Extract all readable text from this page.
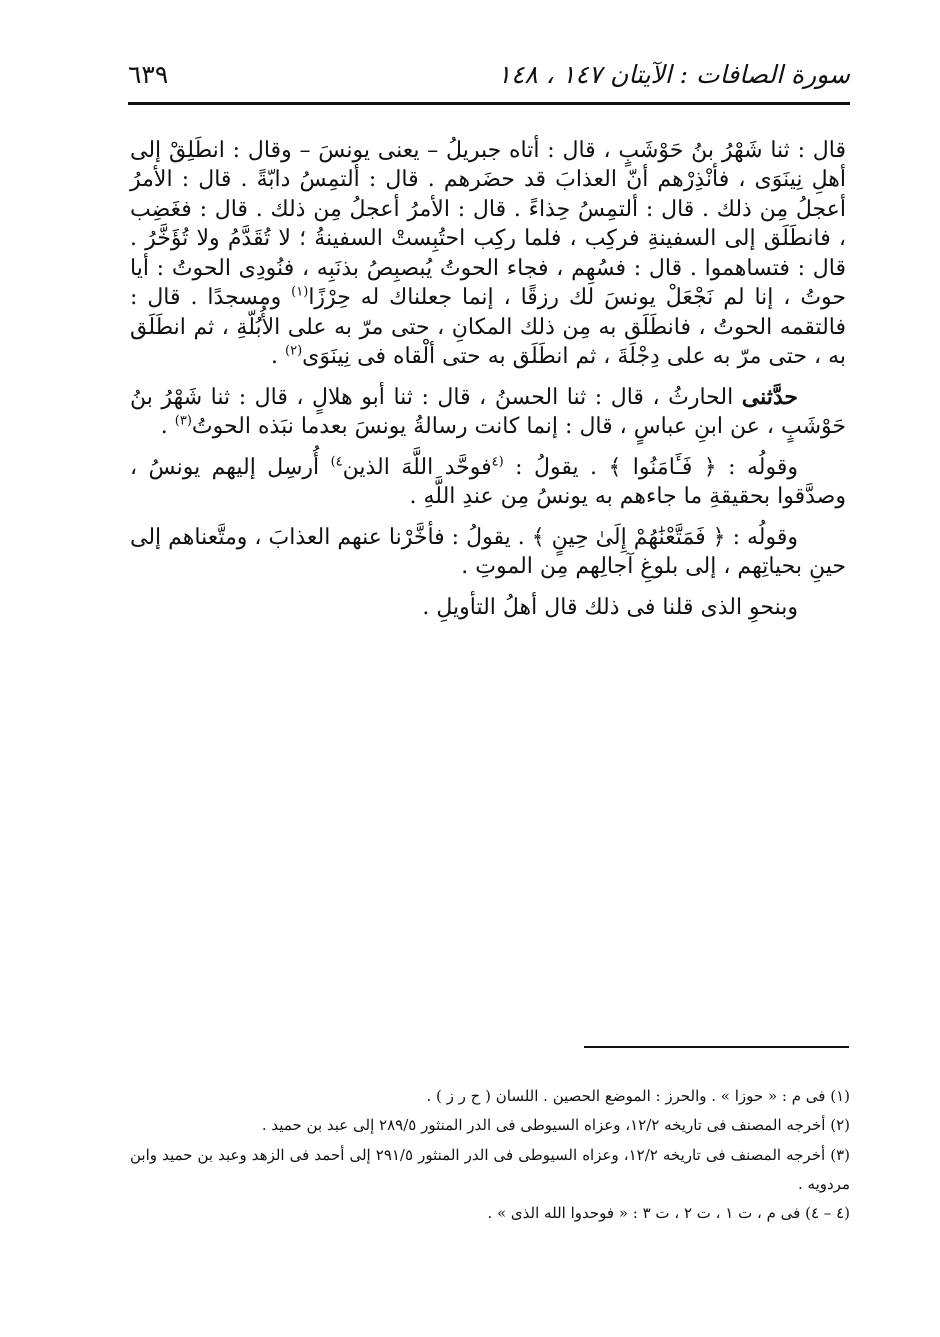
سورة الصافات : الآيتان ١٤٧ ، ١٤٨
٦٣٩

قال : ثنا شَهْرُ بنُ حَوْشَبٍ ، قال : أتاه جبريلُ – يعنى يونسَ – وقال : انطَلِقْ إلى أهلِ نِينَوَى ، فأنْذِرْهم أنّ العذابَ قد حضَرهم . قال : ألتمِسُ دابّةً . قال : الأمرُ أعجلُ مِن ذلك . قال : ألتمِسُ حِذاءً . قال : الأمرُ أعجلُ مِن ذلك . قال : فغَضِب ، فانطَلَق إلى السفينةِ فركِب ، فلما ركِب احتُبِستْ السفينةُ ؛ لا تُقَدَّمُ ولا تُؤَخَّرُ . قال : فتساهموا . قال : فسُهِم ، فجاء الحوتُ يُبصبِصُ بذنَبِه ، فنُودِى الحوتُ : أيا حوتُ ، إنا لم نَجْعَلْ يونسَ لك رزقًا ، إنما جعلناك له حِرْزًا$^{(١)}$ ومسجدًا . قال : فالتقمه الحوتُ ، فانطَلَق به مِن ذلك المكانِ ، حتى مرّ به على الأُبُلّةِ ، ثم انطَلَق به ، حتى مرّ به على دِجْلَةَ ، ثم انطَلَق به حتى ألْقاه فى نِينَوَى$^{(٢)}$ .

حدَّثنى الحارثُ ، قال : ثنا الحسنُ ، قال : ثنا أبو هلالٍ ، قال : ثنا شَهْرُ بنُ حَوْشَبٍ ، عن ابنِ عباسٍ ، قال : إنما كانت رسالةُ يونسَ بعدما نبَذه الحوتُ$^{(٣)}$ .

وقولُه : ﴿ فَـَٔامَنُوا ﴾ . يقولُ : $^{(٤}$فوحَّد اللَّهَ الذين$^{٤)}$ أُرسِل إليهم يونسُ ، وصدَّقوا بحقيقةِ ما جاءهم به يونسُ مِن عندِ اللَّهِ .

وقولُه : ﴿ فَمَتَّعْنَٰهُمْ إِلَىٰ حِينٍ ﴾ . يقولُ : فأخَّرْنا عنهم العذابَ ، ومتَّعناهم إلى حينِ بحياتِهم ، إلى بلوغِ آجالِهم مِن الموتِ .

وبنحوِ الذى قلنا فى ذلك قال أهلُ التأويلِ .

(١) فى م : « حوزا » . والحرز : الموضع الحصين . اللسان ( ح ر ز ) .

(٢) أخرجه المصنف فى تاريخه ١٢/٢، وعزاه السيوطى فى الدر المنثور ٢٨٩/٥ إلى عبد بن حميد .

(٣) أخرجه المصنف فى تاريخه ١٢/٢، وعزاه السيوطى فى الدر المنثور ٢٩١/٥ إلى أحمد فى الزهد وعبد بن حميد وابن مردويه .

(٤ – ٤) فى م ، ت ١ ، ت ٢ ، ت ٣ : « فوحدوا الله الذى » .
